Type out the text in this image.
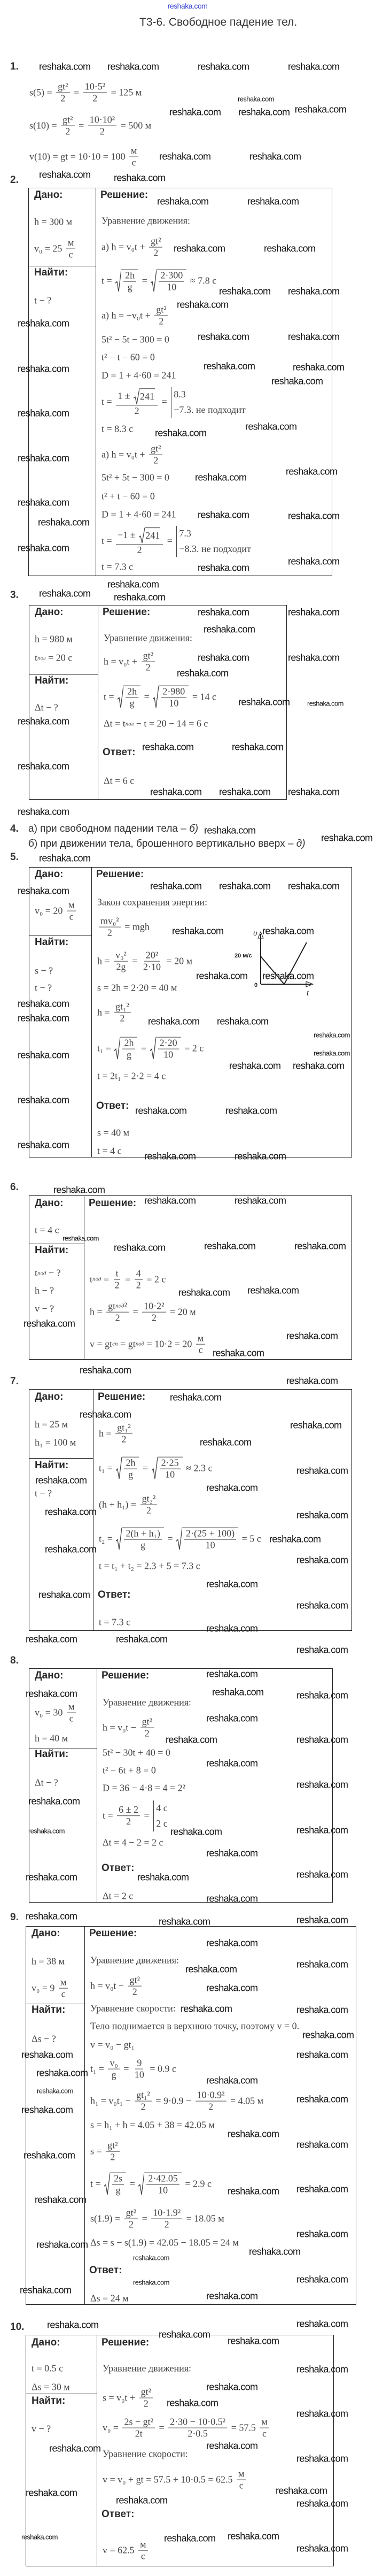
reshaka.com
Т3-6. Свободное падение тел.
1.
$s(5) = \frac{\text{gt²}}{2} = \frac{\text{10·5²}}{2} = 125$ м
$s(10) = \frac{\text{gt²}}{2} = \frac{\text{10·10²}}{2} = 500$ м
v(10) = gt = $10\cdot 10 = 100 \frac{м}{с}$
2.
Дано:	Решение:
Найти:
h = 300 м
$v_0 = 25 \frac{м}{с}$
t − ?
Уравнение движения:
а) $h = v_0t + \frac{\text{gt²}}{2}$
$t = \frac{2h}{g} = \frac{2\cdot 300}{10} \approx 7.8$ с
а) $h = -v_0t + \frac{\text{gt²}}{2}$
5t² − 5t − 300 = 0
t² − t − 60 = 0
D = 1 + 4·60 = 241
$t = \frac{1 \pm 241}{2}$ =
8.3
−7.3. не подходит
t = 8.3 с
а) $h = v_0t + \frac{\text{gt²}}{2}$
5t² + 5t − 300 = 0
t² + t − 60 = 0
D = 1 + 4·60 = 241
$t = \frac{-1 \pm 241}{2}$ =
7.3
−8.3. не подходит
t = 7.3 с
3.
Дано:	Решение:
Найти:
h = 980 м
t пол = 20 с
Δt − ?
Уравнение движения:
$h = v_0t + \frac{\text{gt²}}{2}$
$t = \frac{2h}{g} = \frac{2\cdot 980}{10} = 14$ с
Δt = t пол − t = 20 − 14 = 6 с
Ответ:
Δt = 6 с
4. а) при свободном падении тела – б)
б) при движении тела, брошенного вертикально вверх – д)
5.
Дано:	Решение:
Найти:
$v_0 = 20 \frac{м}{с}$
s − ?
t − ?
Закон сохранения энергии:
$\frac{\text{mv₀²}}{2}$ = mgh
$h = \frac{\text{v₀²}}{2g} = \frac{\text{20²}}{2\cdot 10} = 20$ м
s = 2h = 2·20 = 40 м
$h = \frac{\text{gt₁²}}{2}$
$t_1 = \frac{2h}{g} = \frac{2\cdot 20}{10} = 2$ с
t = 2t₁ = 2·2 = 4 с
Ответ:
s = 40 м
t = 4 с
υ
20 м/с
0
t
6.
Дано: Решение:
Найти:
t = 4 с
t под − ?
h − ?
v − ?
t под = $\frac{t}{2} = \frac{4}{2} = 2$ с
$h = \frac{\text{gt под ²}}{2} = \frac{\text{10·2²}}{2} = 20$ м
v = gt сп = gt под = $10\cdot 2 = 20 \frac{м}{с}$
7.
Дано:	Решение:
Найти:
h = 25 м
h₁ = 100 м
t − ?
$h = \frac{\text{gt₁²}}{2}$
$t_1 = \frac{2h}{g} = \frac{2\cdot 25}{10} \approx 2.3$ с
$(h + h_1) = \frac{\text{gt₂²}}{2}$
$t_2 = \frac{\text{2(h + h₁)}}{g} = \frac{2\cdot(25 + 100)}{10} = 5$ с
t = t₁ + t₂ = 2.3 + 5 = 7.3 с
Ответ:
t = 7.3 с
8.
Дано:	Решение:
Найти:
$v_0 = 30 \frac{м}{с}$
h = 40 м
Δt − ?
Уравнение движения:
$h = v_0t - \frac{\text{gt²}}{2}$
5t² − 30t + 40 = 0
t² − 6t + 8 = 0
D = 36 − 4·8 = 4 = 2²
$t = \frac{6 \pm 2}{2}$ =
4 с
2 с
Δt = 4 − 2 = 2 с
Ответ:
Δt = 2 с
9.
Дано:	Решение:
Найти:
h = 38 м
$v_0 = 9 \frac{м}{с}$
Δs − ?
Уравнение движения:
$h = v_0t - \frac{\text{gt²}}{2}$
Уравнение скорости:
Тело поднимается в верхнюю точку, поэтому v = 0.
v = v₀ − gt₁
$t_1 = \frac{\text{v₀}}{g} = \frac{9}{10} = 0.9$ с
$h_1 = v_0t_1 - \frac{\text{gt₁²}}{2} = 9\cdot 0.9 - \frac{\text{10·0.9²}}{2} = 4.05$ м
s = h₁ + h = 4.05 + 38 = 42.05 м
$s = \frac{\text{gt²}}{2}$
$t = \frac{2s}{g} = \frac{2\cdot 42.05}{10} = 2.9$ с
$s(1.9) = \frac{\text{gt²}}{2} = \frac{\text{10·1.9²}}{2} = 18.05$ м
Δs = s − s(1.9) = 42.05 − 18.05 = 24 м
Ответ:
Δs = 24 м
10.
Дано:	Решение:
Найти:
t = 0.5 с
Δs = 30 м
v − ?
Уравнение движения:
$s = v_0t + \frac{\text{gt²}}{2}$
$v_0 = \frac{\text{2s − gt²}}{2t} = \frac{\text{2·30 − 10·0.5²}}{2\cdot 0.5} = 57.5 \frac{м}{с}$
Уравнение скорости:
v = v₀ + gt = $57.5 + 10\cdot 0.5 = 62.5 \frac{м}{с}$
Ответ:
$v = 62.5 \frac{м}{с}$
reshaka.com reshaka.com	reshaka.com	reshaka.com
reshaka.com
reshaka.com reshaka.com
reshaka.com
reshaka.com	reshaka.com
reshaka.com
reshaka.com	reshaka.com
reshaka.com
reshaka.com	reshaka.com
reshaka.com reshaka.com
reshaka.com
reshaka.com
reshaka.com	reshaka.com
reshaka.com	reshaka.com
reshaka.com
reshaka.com
reshaka.com
reshaka.com
reshaka.com
reshaka.com
reshaka.com
reshaka.com
reshaka.com
reshaka.com
reshaka.com
reshaka.com
reshaka.com
reshaka.com
reshaka.com
reshaka.com
reshaka.com
reshaka.com	reshaka.com
reshaka.com
reshaka.com
reshaka.com	reshaka.com
reshaka.com
reshaka.com	reshaka.com
reshaka.com
reshaka.com	reshaka.com
reshaka.com
reshaka.com reshaka.com reshaka.com
reshaka.com
reshaka.com
reshaka.com
reshaka.com	reshaka.com reshaka.com reshaka.com
reshaka.com
reshaka.com	reshaka.com
reshaka.com
reshaka.com
reshaka.com
reshaka.com	reshaka.com reshaka.com
reshaka.com
reshaka.com
reshaka.com reshaka.com
reshaka.com
reshaka.com
reshaka.com	reshaka.com
reshaka.com
reshaka.com	reshaka.com
reshaka.com
reshaka.com	reshaka.com
reshaka.com
reshaka.com	reshaka.com	reshaka.com
reshaka.com
reshaka.com reshaka.com
reshaka.com
reshaka.com
reshaka.com
reshaka.com
reshaka.com
reshaka.com
reshaka.com
reshaka.com
reshaka.com
reshaka.com
reshaka.com
reshaka.com	reshaka.com
reshaka.com
reshaka.com
reshaka.com
reshaka.com
reshaka.com
reshaka.com
reshaka.com
reshaka.com	reshaka.com
reshaka.com
reshaka.com
reshaka.com	reshaka.com	reshaka.com
reshaka.com
reshaka.com	reshaka.com
reshaka.com
reshaka.com
reshaka.com
reshaka.com	reshaka.com	reshaka.com
reshaka.com
reshaka.com	reshaka.com	reshaka.com
reshaka.com
reshaka.com	reshaka.com
reshaka.com
reshaka.com
reshaka.com
reshaka.com
reshaka.com
reshaka.com	reshaka.com
reshaka.com
reshaka.com
reshaka.com
reshaka.com
reshaka.com
reshaka.com
reshaka.com
reshaka.com
reshaka.com
reshaka.com
reshaka.com
reshaka.com
reshaka.com
reshaka.com
reshaka.com
reshaka.com
reshaka.com
reshaka.com
reshaka.com
reshaka.com
reshaka.com
reshaka.com
reshaka.com
reshaka.com
reshaka.com
reshaka.com
reshaka.com
reshaka.com
reshaka.com
reshaka.com
reshaka.com	reshaka.com
reshaka.com
reshaka.com
reshaka.com
reshaka.com
reshaka.com
reshaka.com	reshaka.com reshaka.com
reshaka.com
